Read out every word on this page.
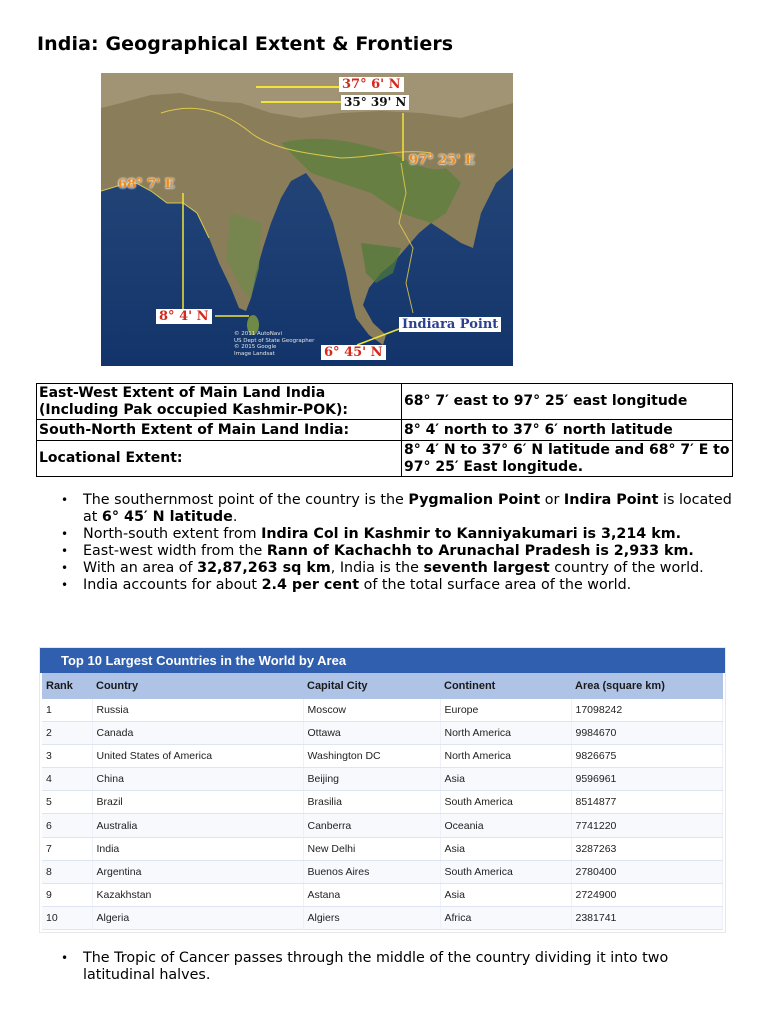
India: Geographical Extent & Frontiers
37° 6' N
35° 39' N
97° 25' E
68° 7' E
8° 4' N
Indiara Point
6° 45' N
© 2011 AutoNavi
US Dept of State Geographer
© 2015 Google
Image Landsat
East-West Extent of Main Land India (Including Pak occupied Kashmir-POK):	68° 7′ east to 97° 25′ east longitude
South-North Extent of Main Land India:	8° 4′ north to 37° 6′ north latitude
Locational Extent:	8° 4′ N to 37° 6′ N latitude and 68° 7′ E to 97° 25′ East longitude.
• The southernmost point of the country is the Pygmalion Point or Indira Point is located at 6° 45′ N latitude.
• North-south extent from Indira Col in Kashmir to Kanniyakumari is 3,214 km.
• East-west width from the Rann of Kachachh to Arunachal Pradesh is 2,933 km.
• With an area of 32,87,263 sq km, India is the seventh largest country of the world.
• India accounts for about 2.4 per cent of the total surface area of the world.
Top 10 Largest Countries in the World by Area
Rank	Country	Capital City	Continent	Area (square km)
1	Russia	Moscow	Europe	17098242
2	Canada	Ottawa	North America	9984670
3	United States of America	Washington DC	North America	9826675
4	China	Beijing	Asia	9596961
5	Brazil	Brasilia	South America	8514877
6	Australia	Canberra	Oceania	7741220
7	India	New Delhi	Asia	3287263
8	Argentina	Buenos Aires	South America	2780400
9	Kazakhstan	Astana	Asia	2724900
10	Algeria	Algiers	Africa	2381741
• The Tropic of Cancer passes through the middle of the country dividing it into two latitudinal halves.
